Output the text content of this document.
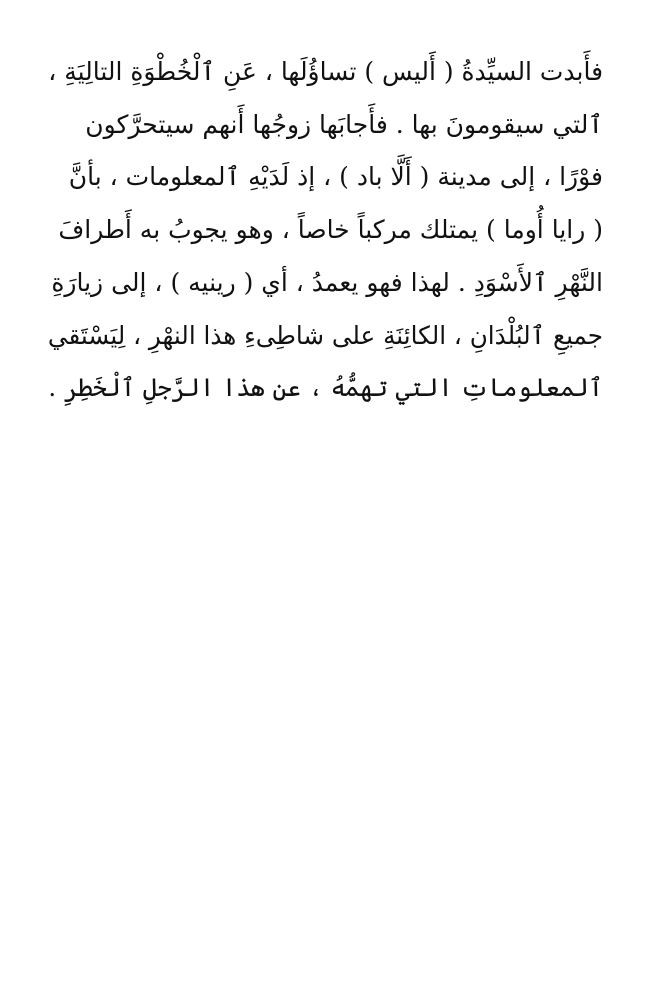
فأَبدت السيِّدةُ ( أَليس ) تساؤُلَها ، عَنِ ٱلْخُطْوَةِ التالِيَةِ ،
ٱلتي سيقومونَ بها . فأَجابَها زوجُها أَنهم سيتحرَّكون
فوْرًا ، إلى مدينة ( أَلَّا باد ) ، إذ لَدَيْهِ ٱلمعلومات ، بأنَّ
( رايا أُوما ) يمتلك مركباً خاصاً ، وهو يجوبُ به أَطرافَ
النَّهْرِ ٱلأَسْوَدِ . لهذا فهو يعمدُ ، أي ( رينيه ) ، إلى زيارَةِ
جميعِ ٱلبُلْدَانِ ، الكائِنَةِ على شاطِىءِ هذا النهْرِ ، لِيَسْتَقي
ٱلمعلوماتِ التي تهمُّهُ ، عن هذا الرَّجلِ ٱلْخَطِرِ .
